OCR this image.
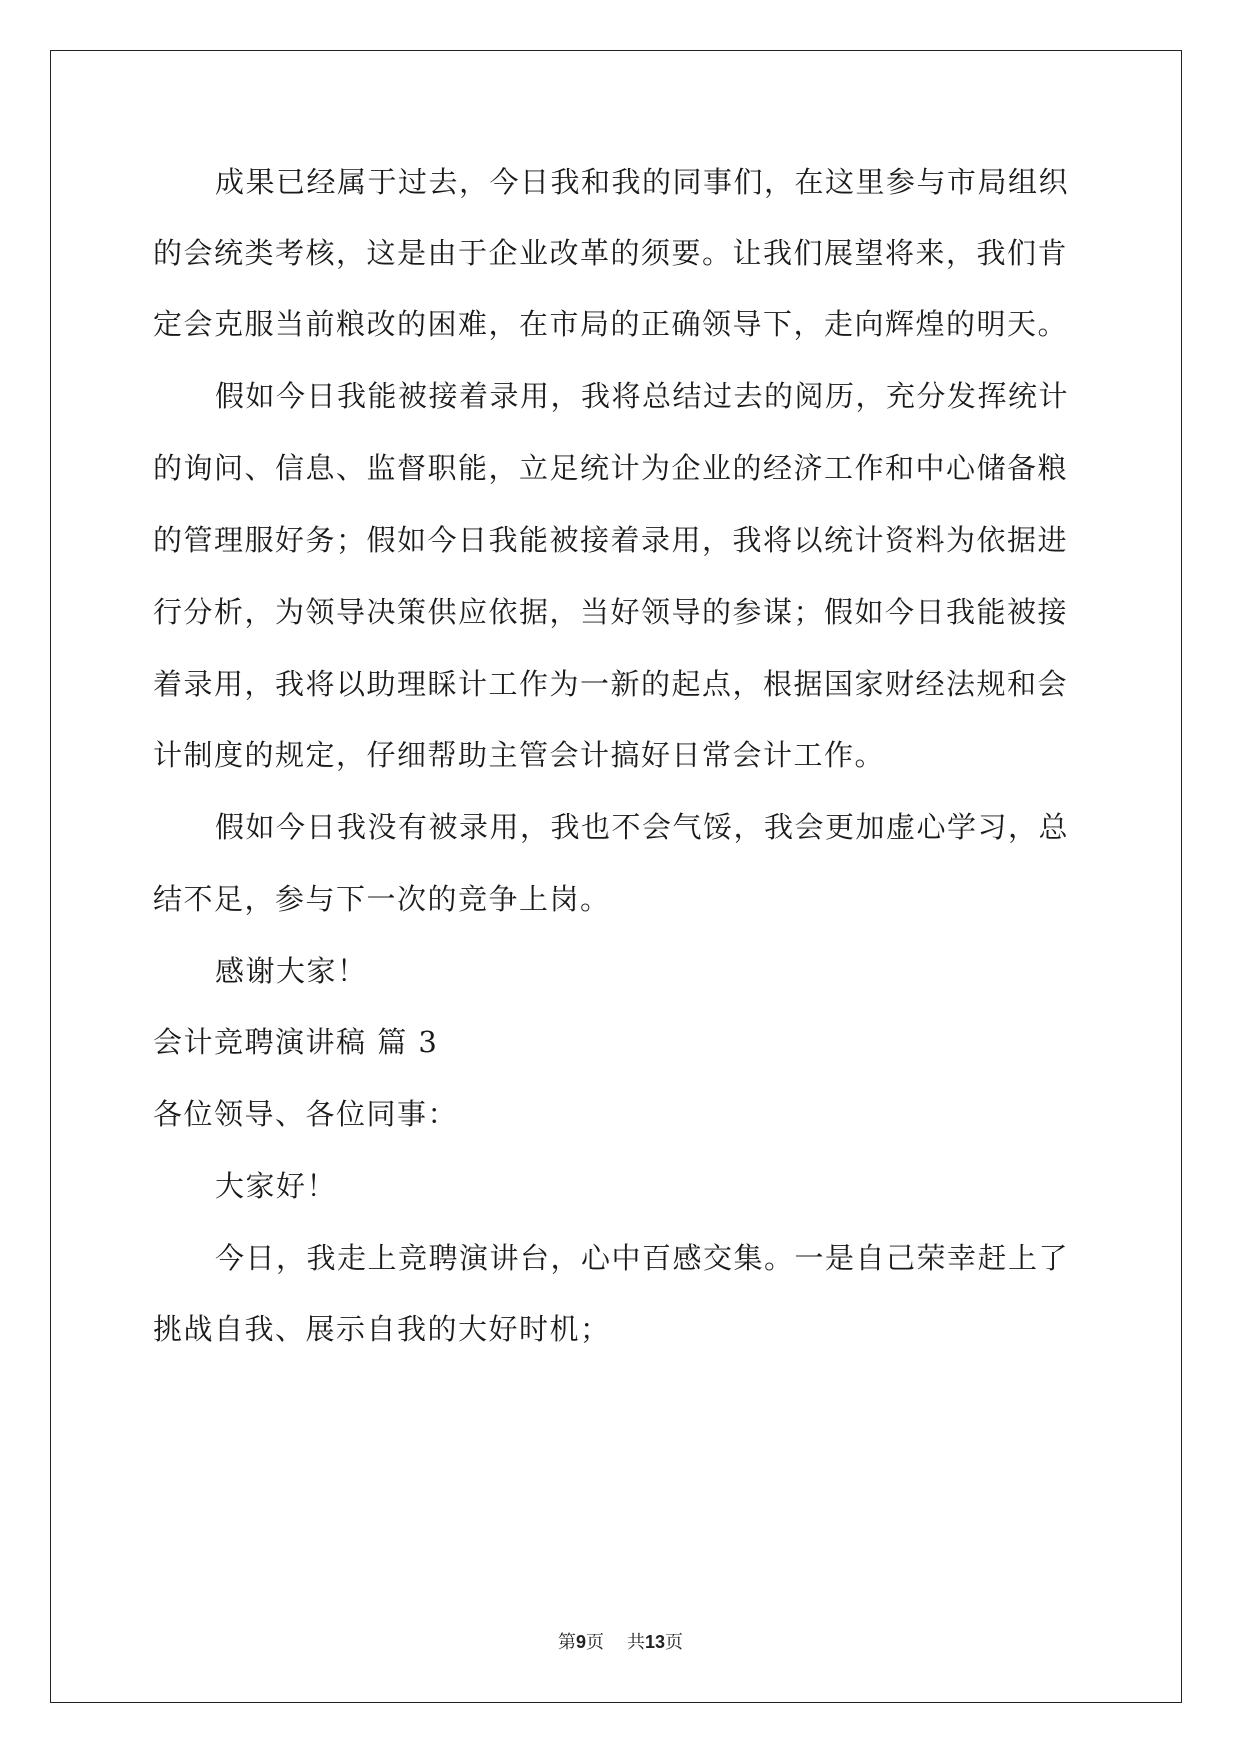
成果已经属于过去，今日我和我的同事们，在这里参与市局组织
的会统类考核，这是由于企业改革的须要。让我们展望将来，我们肯
定会克服当前粮改的困难，在市局的正确领导下，走向辉煌的明天。
假如今日我能被接着录用，我将总结过去的阅历，充分发挥统计
的询问、信息、监督职能，立足统计为企业的经济工作和中心储备粮
的管理服好务；假如今日我能被接着录用，我将以统计资料为依据进
行分析，为领导决策供应依据，当好领导的参谋；假如今日我能被接
着录用，我将以助理睬计工作为一新的起点，根据国家财经法规和会
计制度的规定，仔细帮助主管会计搞好日常会计工作。
假如今日我没有被录用，我也不会气馁，我会更加虚心学习，总
结不足，参与下一次的竞争上岗。
感谢大家！
会计竞聘演讲稿 篇 3
各位领导、各位同事：
大家好！
今日，我走上竞聘演讲台，心中百感交集。一是自己荣幸赶上了
挑战自我、展示自我的大好时机；
第9页 共13页
